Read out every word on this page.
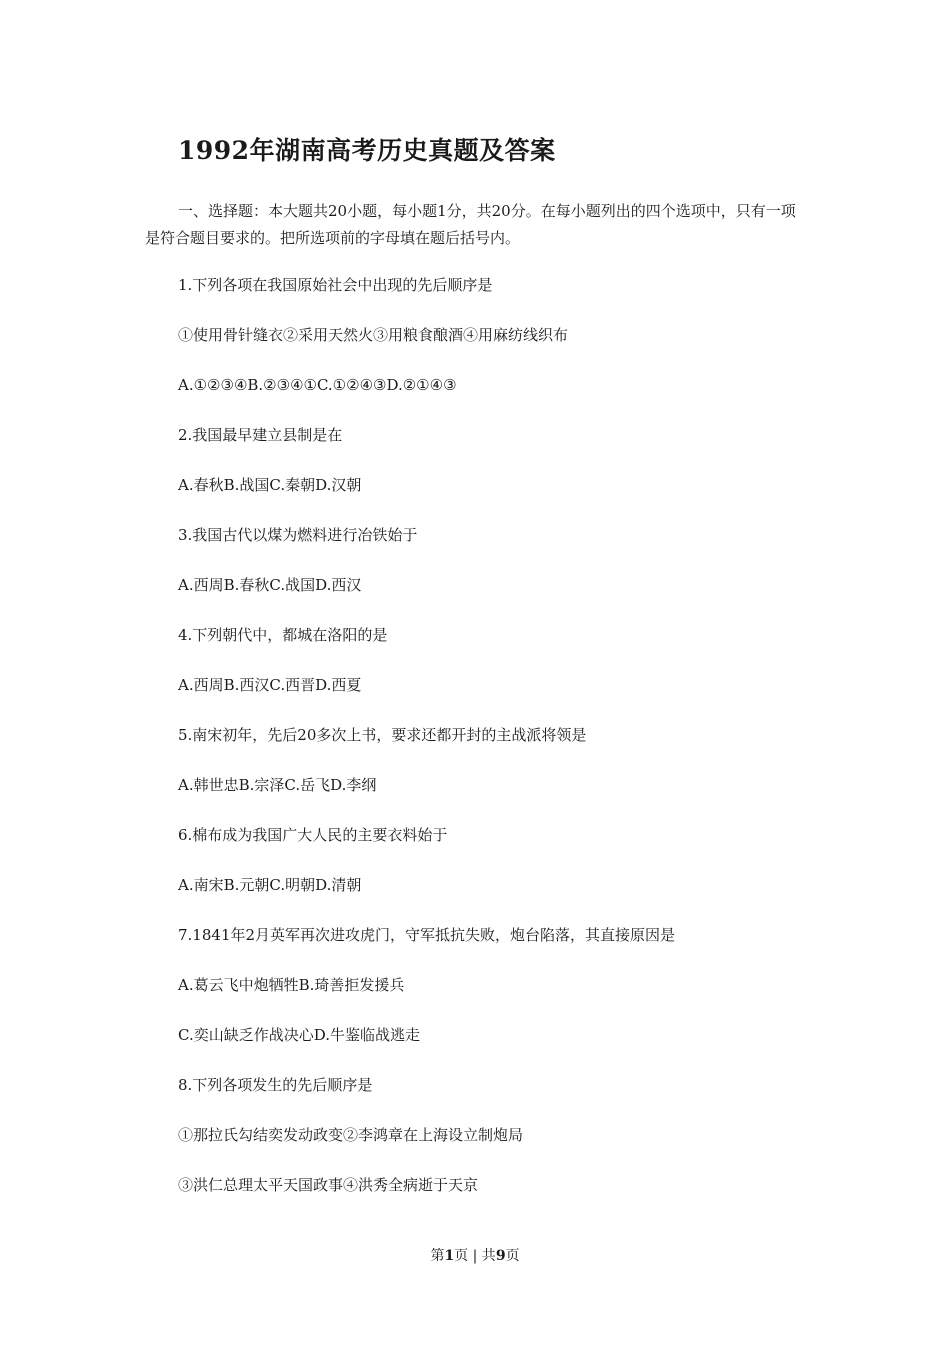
1992年湖南高考历史真题及答案
一、选择题：本大题共20小题，每小题1分，共20分。在每小题列出的四个选项中，只有一项是符合题目要求的。把所选项前的字母填在题后括号内。
1.下列各项在我国原始社会中出现的先后顺序是
①使用骨针缝衣②采用天然火③用粮食酿酒④用麻纺线织布
A.①②③④B.②③④①C.①②④③D.②①④③
2.我国最早建立县制是在
A.春秋B.战国C.秦朝D.汉朝
3.我国古代以煤为燃料进行冶铁始于
A.西周B.春秋C.战国D.西汉
4.下列朝代中，都城在洛阳的是
A.西周B.西汉C.西晋D.西夏
5.南宋初年，先后20多次上书，要求还都开封的主战派将领是
A.韩世忠B.宗泽C.岳飞D.李纲
6.棉布成为我国广大人民的主要衣料始于
A.南宋B.元朝C.明朝D.清朝
7.1841年2月英军再次进攻虎门，守军抵抗失败，炮台陷落，其直接原因是
A.葛云飞中炮牺牲B.琦善拒发援兵
C.奕山缺乏作战决心D.牛鉴临战逃走
8.下列各项发生的先后顺序是
①那拉氏勾结奕发动政变②李鸿章在上海设立制炮局
③洪仁总理太平天国政事④洪秀全病逝于天京
第1页 | 共9页
